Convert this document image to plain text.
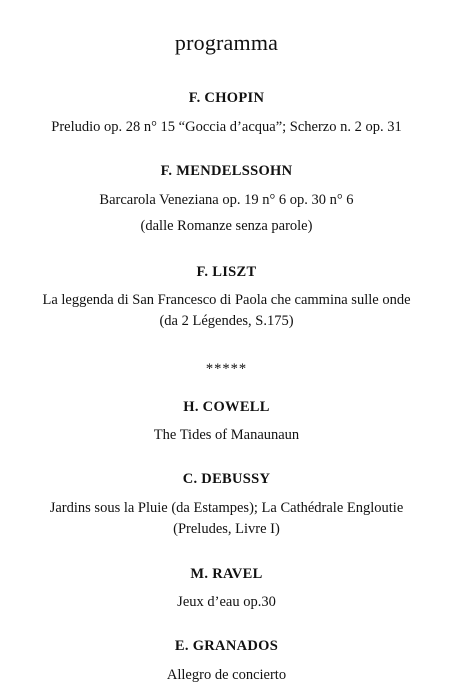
programma
F. CHOPIN
Preludio op. 28 n° 15 “Goccia d’acqua”; Scherzo n. 2 op. 31
F. MENDELSSOHN
Barcarola Veneziana op. 19 n° 6 op. 30 n° 6
(dalle Romanze senza parole)
F. LISZT
La leggenda di San Francesco di Paola che cammina sulle onde
(da 2 Légendes, S.175)
*****
H. COWELL
The Tides of Manaunaun
C. DEBUSSY
Jardins sous la Pluie (da Estampes); La Cathédrale Engloutie
(Preludes, Livre I)
M. RAVEL
Jeux d’eau op.30
E. GRANADOS
Allegro de concierto
